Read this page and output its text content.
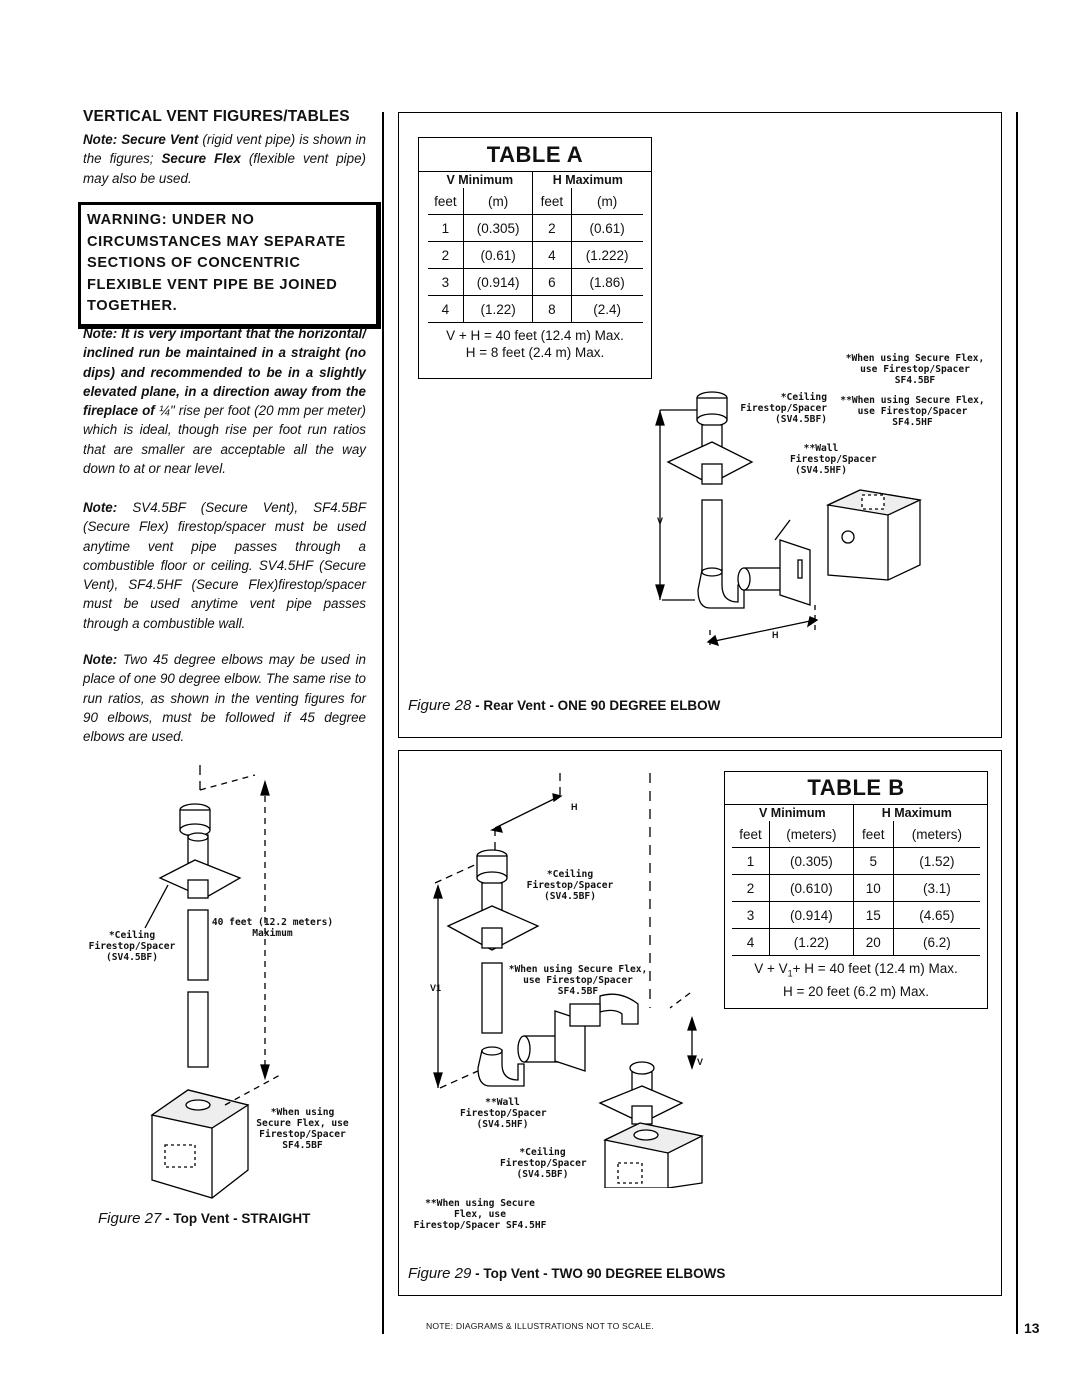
VERTICAL VENT FIGURES/TABLES
Note: Secure Vent (rigid vent pipe) is shown in the figures; Secure Flex (flexible vent pipe) may also be used.
WARNING: UNDER NO CIRCUMSTANCES MAY SEPARATE SECTIONS OF CONCENTRIC FLEXIBLE VENT PIPE BE JOINED TOGETHER.
Note: It is very important that the horizontal/ inclined run be maintained in a straight (no dips) and recommended to be in a slightly elevated plane, in a direction away from the fireplace of ¼" rise per foot (20 mm per meter) which is ideal, though rise per foot run ratios that are smaller are acceptable all the way down to at or near level.
Note: SV4.5BF (Secure Vent), SF4.5BF (Secure Flex) firestop/spacer must be used anytime vent pipe passes through a combustible floor or ceiling. SV4.5HF (Secure Vent), SF4.5HF (Secure Flex)firestop/spacer must be used anytime vent pipe passes through a combustible wall.
Note: Two 45 degree elbows may be used in place of one 90 degree elbow. The same rise to run ratios, as shown in the venting figures for 90 elbows, must be followed if 45 degree elbows are used.
40 feet (12.2 meters) Maximum
*Ceiling Firestop/Spacer (SV4.5BF)
*When using Secure Flex, use Firestop/Spacer SF4.5BF
Figure 27 - Top Vent - STRAIGHT
TABLE A
V Minimum		H Maximum	
feet	(m)	feet	(m)
1	(0.305)	2	(0.61)
2	(0.61)	4	(1.222)
3	(0.914)	6	(1.86)
4	(1.22)	8	(2.4)
V + H = 40 feet (12.4 m) Max.
H = 8 feet (2.4 m) Max.	*When using Secure Flex, use Firestop/Spacer SF4.5BF
*Ceiling Firestop/Spacer (SV4.5BF)
**When using Secure Flex, use Firestop/Spacer SF4.5HF
**Wall Firestop/Spacer (SV4.5HF)
V
H
Figure 28 - Rear Vent - ONE 90 DEGREE ELBOW
TABLE B
V Minimum		H Maximum	
feet	(meters)	feet	(meters)
1	(0.305)	5	(1.52)
2	(0.610)	10	(3.1)
3	(0.914)	15	(4.65)
4	(1.22)	20	(6.2)
$V + V_1+ H = 40$ feet (12.4 m) Max.
H = 20 feet (6.2 m) Max.
H
*Ceiling Firestop/Spacer (SV4.5BF)
*When using Secure Flex, use Firestop/Spacer SF4.5BF
V1
V
**Wall Firestop/Spacer (SV4.5HF)
*Ceiling Firestop/Spacer (SV4.5BF)
**When using Secure Flex, use Firestop/Spacer SF4.5HF
Figure 29 - Top Vent - TWO 90 DEGREE ELBOWS
NOTE: DIAGRAMS & ILLUSTRATIONS NOT TO SCALE.	13
